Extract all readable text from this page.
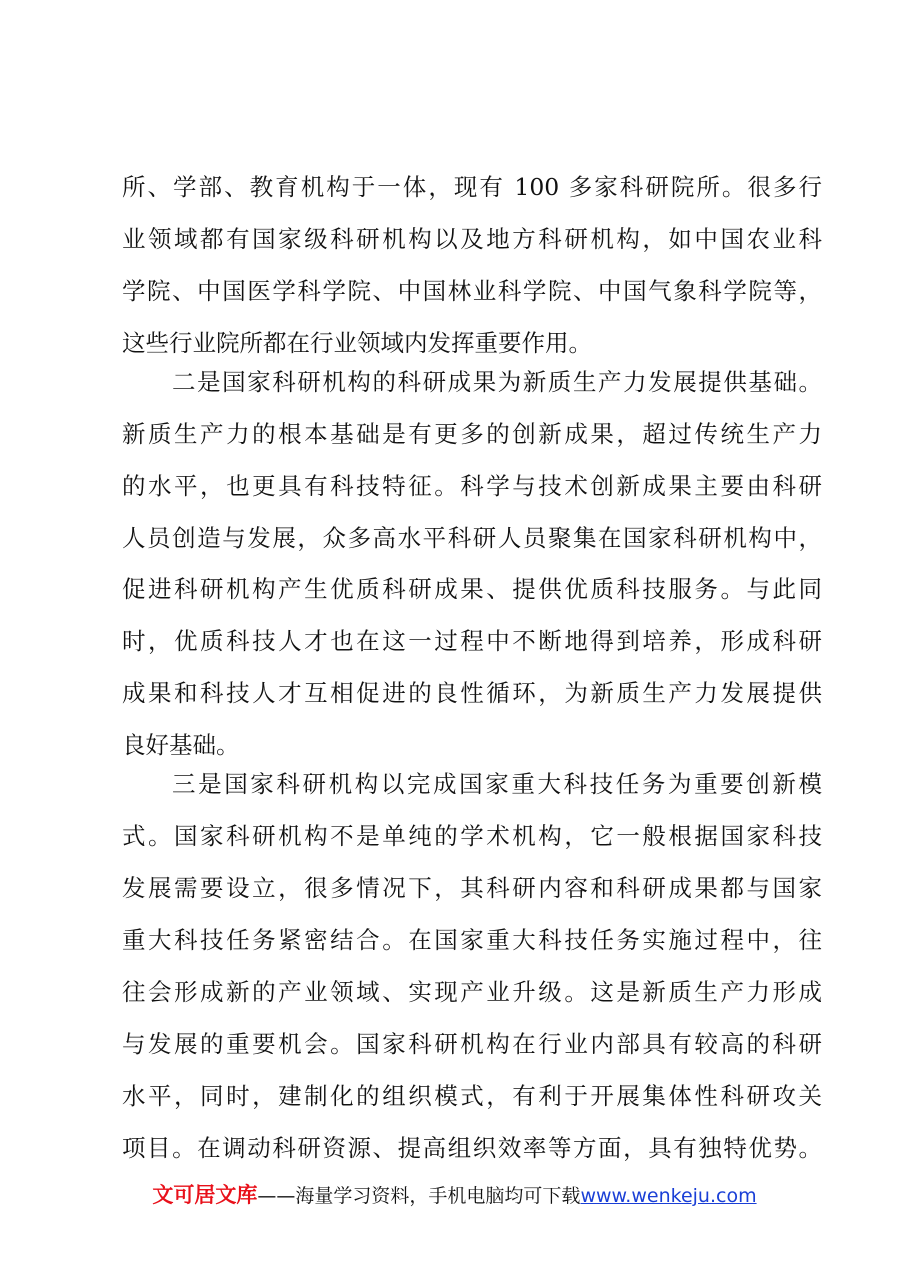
所、学部、教育机构于一体，现有 100 多家科研院所。很多行
业领域都有国家级科研机构以及地方科研机构，如中国农业科
学院、中国医学科学院、中国林业科学院、中国气象科学院等，
这些行业院所都在行业领域内发挥重要作用。
二是国家科研机构的科研成果为新质生产力发展提供基础。
新质生产力的根本基础是有更多的创新成果，超过传统生产力
的水平，也更具有科技特征。科学与技术创新成果主要由科研
人员创造与发展，众多高水平科研人员聚集在国家科研机构中，
促进科研机构产生优质科研成果、提供优质科技服务。与此同
时，优质科技人才也在这一过程中不断地得到培养，形成科研
成果和科技人才互相促进的良性循环，为新质生产力发展提供
良好基础。
三是国家科研机构以完成国家重大科技任务为重要创新模
式。国家科研机构不是单纯的学术机构，它一般根据国家科技
发展需要设立，很多情况下，其科研内容和科研成果都与国家
重大科技任务紧密结合。在国家重大科技任务实施过程中，往
往会形成新的产业领域、实现产业升级。这是新质生产力形成
与发展的重要机会。国家科研机构在行业内部具有较高的科研
水平，同时，建制化的组织模式，有利于开展集体性科研攻关
项目。在调动科研资源、提高组织效率等方面，具有独特优势。
文可居文库——海量学习资料，手机电脑均可下载www.wenkeju.com
